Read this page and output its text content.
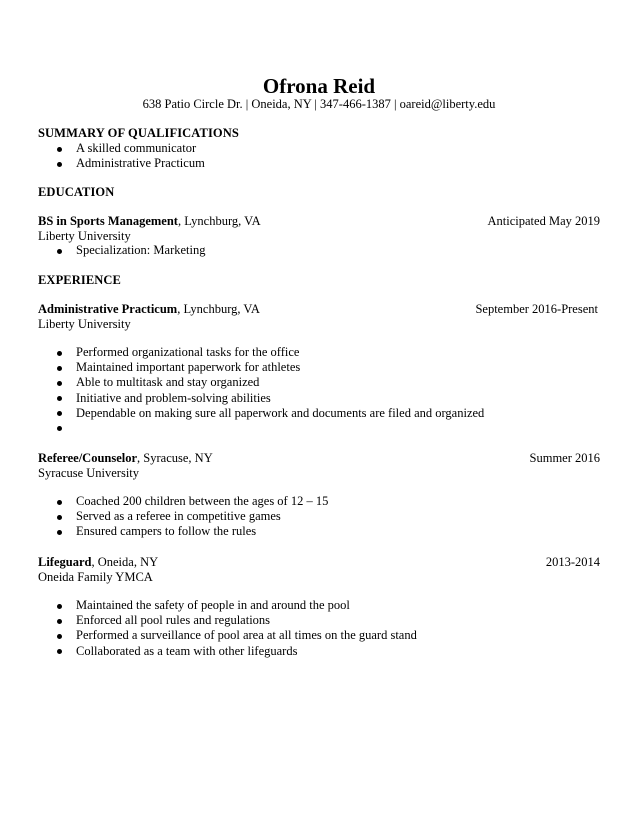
Ofrona Reid
638 Patio Circle Dr. | Oneida, NY | 347-466-1387 | oareid@liberty.edu
SUMMARY OF QUALIFICATIONS
A skilled communicator
Administrative Practicum
EDUCATION
BS in Sports Management, Lynchburg, VA	Anticipated May 2019
Liberty University
Specialization: Marketing
EXPERIENCE
Administrative Practicum, Lynchburg, VA	September 2016-Present
Liberty University
Performed organizational tasks for the office
Maintained important paperwork for athletes
Able to multitask and stay organized
Initiative and problem-solving abilities
Dependable on making sure all paperwork and documents are filed and organized
Referee/Counselor, Syracuse, NY	Summer 2016
Syracuse University
Coached 200 children between the ages of 12 – 15
Served as a referee in competitive games
Ensured campers to follow the rules
Lifeguard, Oneida, NY	2013-2014
Oneida Family YMCA
Maintained the safety of people in and around the pool
Enforced all pool rules and regulations
Performed a surveillance of pool area at all times on the guard stand
Collaborated as a team with other lifeguards
